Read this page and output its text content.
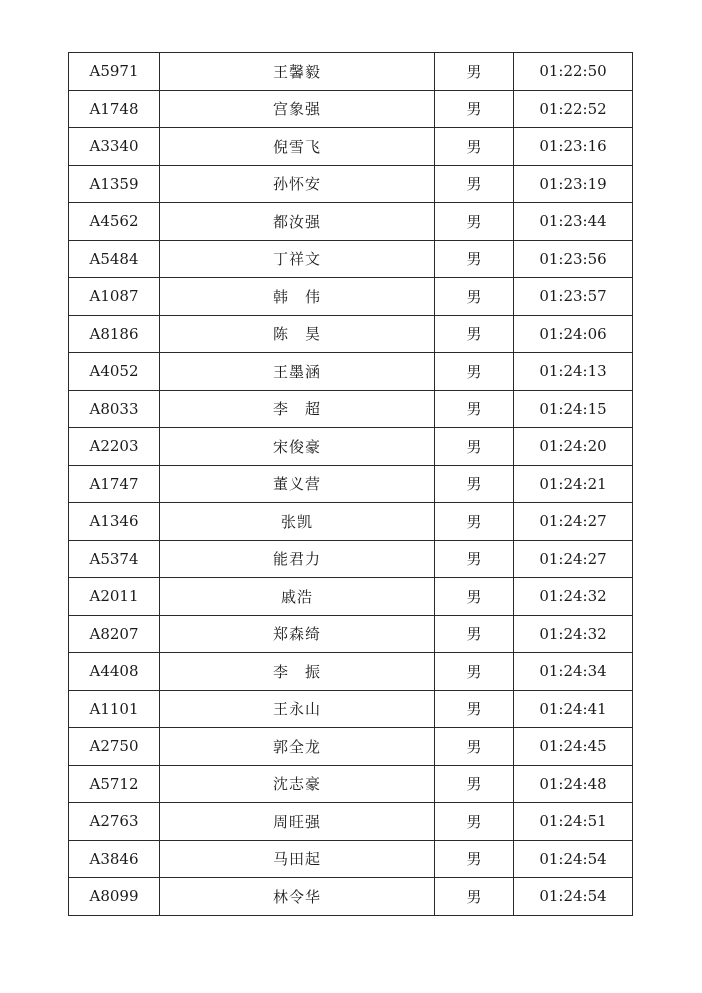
A5971	王馨毅	男	01:22:50
A1748	宫象强	男	01:22:52
A3340	倪雪飞	男	01:23:16
A1359	孙怀安	男	01:23:19
A4562	都汝强	男	01:23:44
A5484	丁祥文	男	01:23:56
A1087	韩　伟	男	01:23:57
A8186	陈　昊	男	01:24:06
A4052	王墨涵	男	01:24:13
A8033	李　超	男	01:24:15
A2203	宋俊豪	男	01:24:20
A1747	董义营	男	01:24:21
A1346	张凯	男	01:24:27
A5374	能君力	男	01:24:27
A2011	戚浩	男	01:24:32
A8207	郑森绮	男	01:24:32
A4408	李　振	男	01:24:34
A1101	王永山	男	01:24:41
A2750	郭全龙	男	01:24:45
A5712	沈志豪	男	01:24:48
A2763	周旺强	男	01:24:51
A3846	马田起	男	01:24:54
A8099	林令华	男	01:24:54
